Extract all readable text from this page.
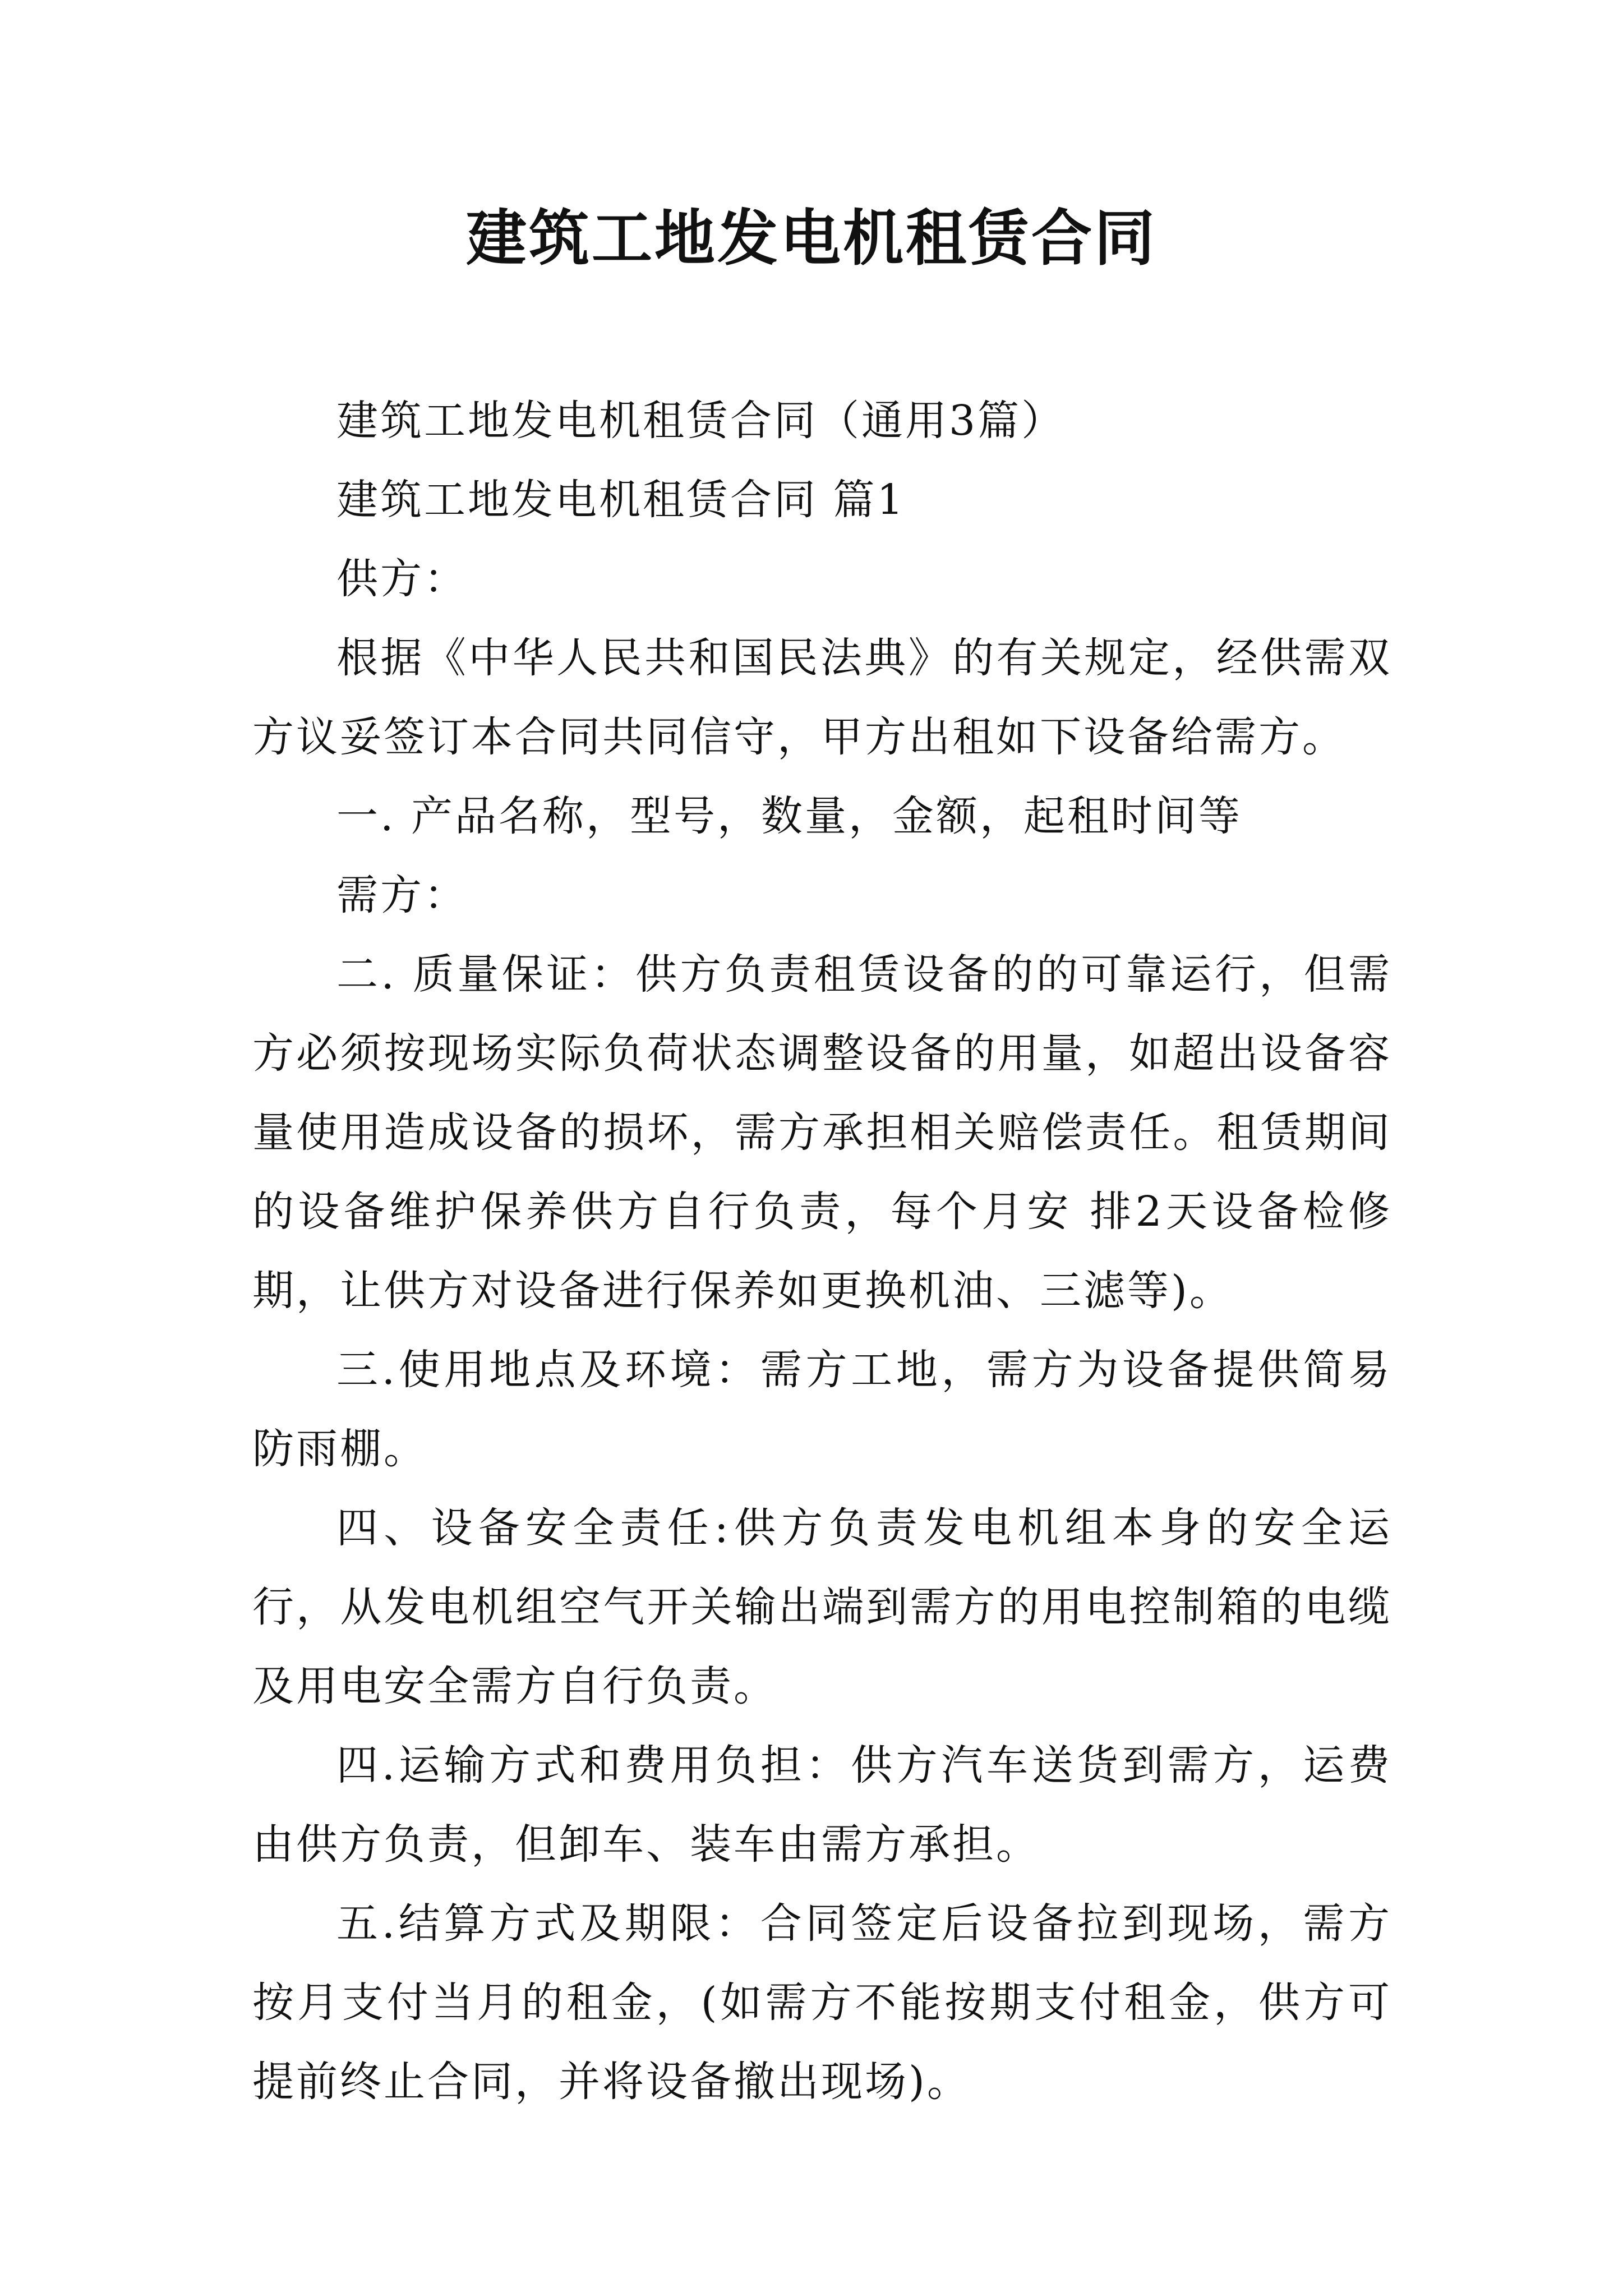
建筑工地发电机租赁合同

建筑工地发电机租赁合同（通用3篇）

建筑工地发电机租赁合同 篇1

供方：

根据《中华人民共和国民法典》的有关规定，经供需双方议妥签订本合同共同信守，甲方出租如下设备给需方。

一. 产品名称，型号，数量，金额，起租时间等

需方：

二. 质量保证：供方负责租赁设备的的可靠运行，但需方必须按现场实际负荷状态调整设备的用量，如超出设备容量使用造成设备的损坏，需方承担相关赔偿责任。租赁期间的设备维护保养供方自行负责，每个月安 排2天设备检修期，让供方对设备进行保养如更换机油、三滤等)。

三.使用地点及环境：需方工地，需方为设备提供简易防雨棚。

四、设备安全责任:供方负责发电机组本身的安全运行，从发电机组空气开关输出端到需方的用电控制箱的电缆及用电安全需方自行负责。

四.运输方式和费用负担：供方汽车送货到需方，运费由供方负责，但卸车、装车由需方承担。

五.结算方式及期限：合同签定后设备拉到现场，需方按月支付当月的租金，(如需方不能按期支付租金，供方可提前终止合同，并将设备撤出现场)。
